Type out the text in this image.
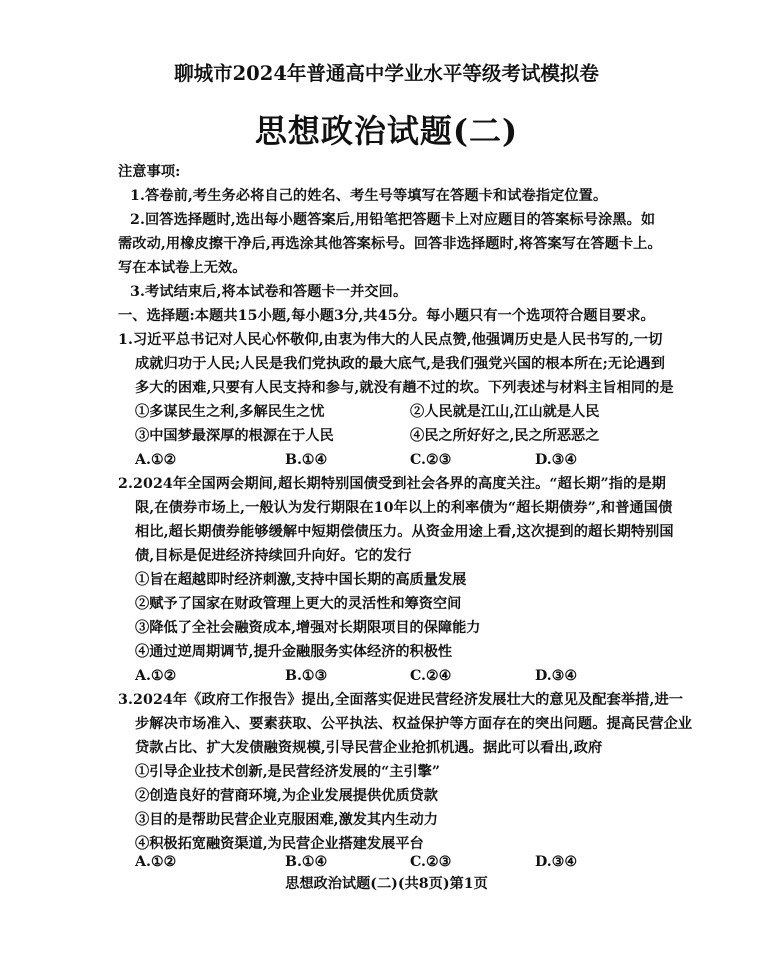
聊城市2024年普通高中学业水平等级考试模拟卷
思想政治试题(二)
注意事项:
1.答卷前,考生务必将自己的姓名、考生号等填写在答题卡和试卷指定位置。
2.回答选择题时,选出每小题答案后,用铅笔把答题卡上对应题目的答案标号涂黑。如
需改动,用橡皮擦干净后,再选涂其他答案标号。回答非选择题时,将答案写在答题卡上。
写在本试卷上无效。
3.考试结束后,将本试卷和答题卡一并交回。
一、选择题:本题共15小题,每小题3分,共45分。每小题只有一个选项符合题目要求。
1.习近平总书记对人民心怀敬仰,由衷为伟大的人民点赞,他强调历史是人民书写的,一切
成就归功于人民;人民是我们党执政的最大底气,是我们强党兴国的根本所在;无论遇到
多大的困难,只要有人民支持和参与,就没有趟不过的坎。下列表述与材料主旨相同的是
①多谋民生之利,多解民生之忧	②人民就是江山,江山就是人民
③中国梦最深厚的根源在于人民	④民之所好好之,民之所恶恶之
A.①②	B.①④	C.②③	D.③④
2.2024年全国两会期间,超长期特别国债受到社会各界的高度关注。“超长期”指的是期
限,在债券市场上,一般认为发行期限在10年以上的利率债为“超长期债券”,和普通国债
相比,超长期债券能够缓解中短期偿债压力。从资金用途上看,这次提到的超长期特别国
债,目标是促进经济持续回升向好。它的发行
①旨在超越即时经济刺激,支持中国长期的高质量发展
②赋予了国家在财政管理上更大的灵活性和筹资空间
③降低了全社会融资成本,增强对长期限项目的保障能力
④通过逆周期调节,提升金融服务实体经济的积极性
A.①②	B.①③	C.②④	D.③④
3.2024年《政府工作报告》提出,全面落实促进民营经济发展壮大的意见及配套举措,进一
步解决市场准入、要素获取、公平执法、权益保护等方面存在的突出问题。提高民营企业
贷款占比、扩大发债融资规模,引导民营企业抢抓机遇。据此可以看出,政府
①引导企业技术创新,是民营经济发展的“主引擎”
②创造良好的营商环境,为企业发展提供优质贷款
③目的是帮助民营企业克服困难,激发其内生动力
④积极拓宽融资渠道,为民营企业搭建发展平台
A.①②	B.①④	C.②③	D.③④
思想政治试题(二)(共8页)第1页
